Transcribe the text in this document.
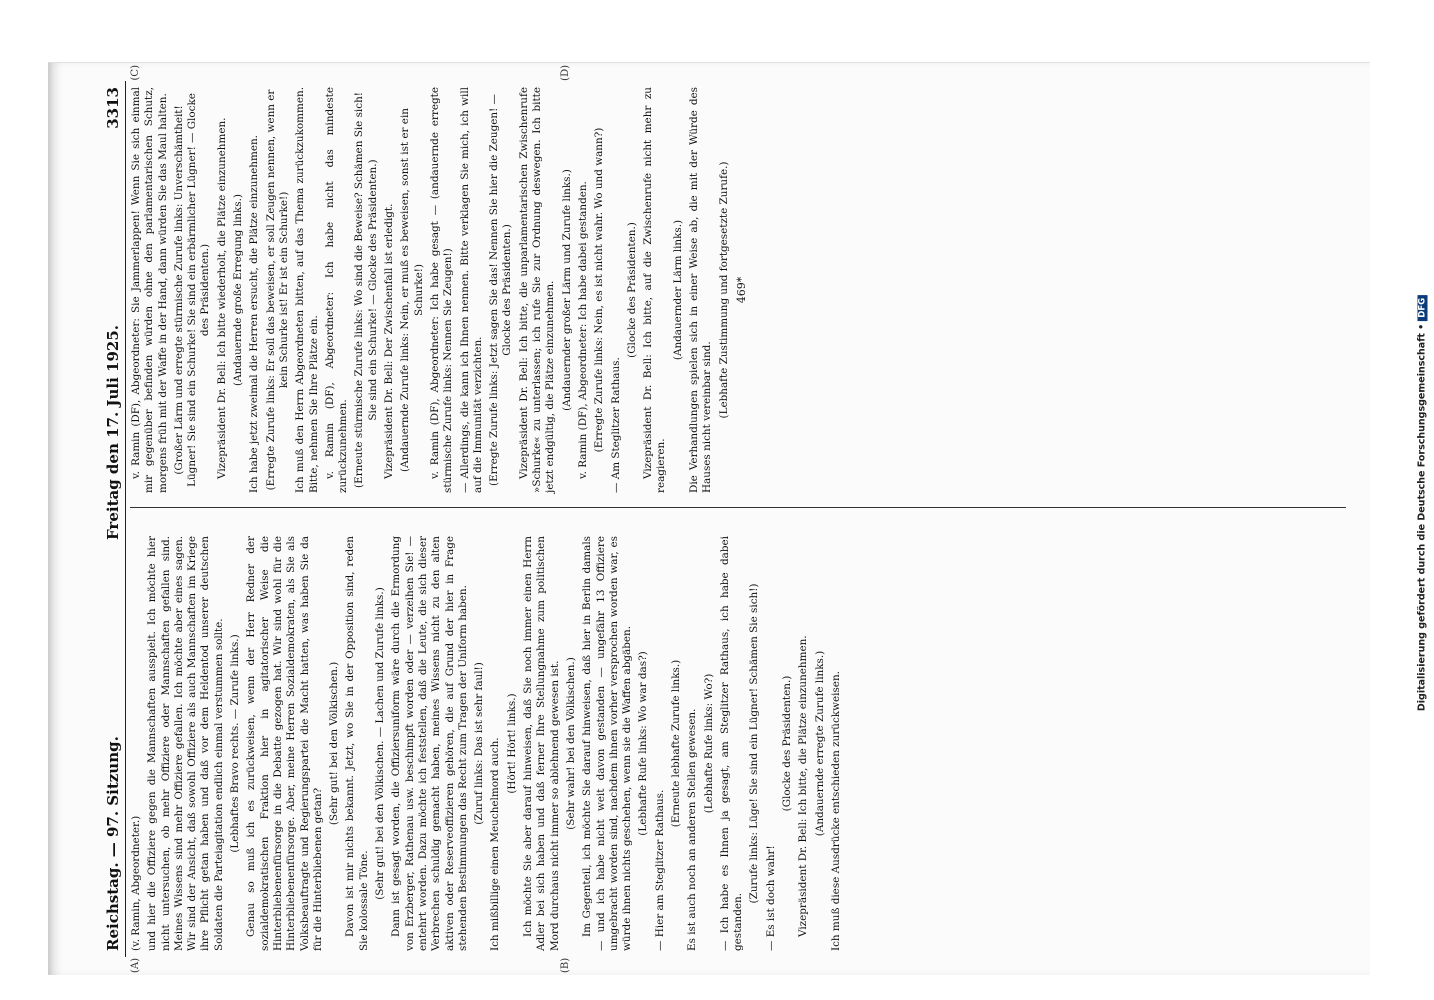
Digitalisierung gefördert durch die Deutsche Forschungsgemeinschaft •DFG
Reichstag. — 97. Sitzung.
Freitag den 17. Juli 1925.
3313
(A)	(B)

(v. Ramin, Abgeordneter.) und hier die Offiziere gegen die Mannschaften ausspielt. Ich möchte hier nicht untersuchen, ob mehr Offiziere oder Mannschaften gefallen sind. Meines Wissens sind mehr Offiziere gefallen. Ich möchte aber eines sagen. Wir sind der Ansicht, daß sowohl Offiziere als auch Mannschaften im Kriege ihre Pflicht getan haben und daß vor dem Heldentod unserer deutschen Soldaten die Parteiagitation endlich einmal verstummen sollte. (Lebhaftes Bravo rechts. — Zurufe links.) Genau so muß ich es zurückweisen, wenn der Herr Redner der sozialdemokratischen Fraktion hier in agitatorischer Weise die Hinterbliebenenfürsorge in die Debatte gezogen hat. Wir sind wohl für die Hinterbliebenenfürsorge. Aber, meine Herren Sozialdemokraten, als Sie als Volksbeauftragte und Regierungspartei die Macht hatten, was haben Sie da für die Hinterbliebenen getan?

(Sehr gut! bei den Völkischen.) Davon ist mir nichts bekannt. Jetzt, wo Sie in der Opposition sind, reden Sie kolossale Töne.

(Sehr gut! bei den Völkischen. — Lachen und Zurufe links.) Dann ist gesagt worden, die Offiziersuniform wäre durch die Ermordung von Erzberger, Rathenau usw. beschimpft worden oder — verzeihen Sie! — entehrt worden. Dazu möchte ich feststellen, daß die Leute, die sich dieser Verbrechen schuldig gemacht haben, meines Wissens nicht zu den alten aktiven oder Reserveoffizieren gehören, die auf Grund der hier in Frage stehenden Bestimmungen das Recht zum Tragen der Uniform haben. (Zuruf links: Das ist sehr faul!) Ich mißbillige einen Meuchelmord auch. (Hört! Hört! links.) Ich möchte Sie aber darauf hinweisen, daß Sie noch immer einen Herrn Adler bei sich haben und daß ferner Ihre Stellungnahme zum politischen Mord durchaus nicht immer so ablehnend gewesen ist. (Sehr wahr! bei den Völkischen.) Im Gegenteil, ich möchte Sie darauf hinweisen, daß hier in Berlin damals — und ich habe nicht weit davon gestanden — ungefähr 13 Offiziere umgebracht worden sind, nachdem ihnen vorher versprochen worden war, es würde ihnen nichts geschehen, wenn sie die Waffen abgäben. (Lebhafte Rufe links: Wo war das?)

— Hier am Steglitzer Rathaus.

(Erneute lebhafte Zurufe links.) Es ist auch noch an anderen Stellen gewesen. (Lebhafte Rufe links: Wo?) — Ich habe es Ihnen ja gesagt, am Steglitzer Rathaus, ich habe dabei gestanden.

(Zurufe links: Lüge! Sie sind ein Lügner! Schämen Sie sich!) — Es ist doch wahr!

(Glocke des Präsidenten.) Vizepräsident Dr. Bell: Ich bitte, die Plätze einzunehmen. (Andauernde erregte Zurufe links.) Ich muß diese Ausdrücke entschieden zurückweisen.

(C)	(D)

v. Ramin (DF), Abgeordneter: Sie Jammerlappen! Wenn Sie sich einmal mir gegenüber befinden würden ohne den parlamentarischen Schutz, morgens früh mit der Waffe in der Hand, dann würden Sie das Maul halten. (Großer Lärm und erregte stürmische Zurufe links: Unverschämtheit! Lügner! Sie sind ein Schurke! Sie sind ein erbärmlicher Lügner! — Glocke des Präsidenten.) Vizepräsident Dr. Bell: Ich bitte wiederholt, die Plätze einzunehmen. (Andauernde große Erregung links.) Ich habe jetzt zweimal die Herren ersucht, die Plätze einzunehmen. (Erregte Zurufe links: Er soll das beweisen, er soll Zeugen nennen, wenn er kein Schurke ist! Er ist ein Schurke!) Ich muß den Herrn Abgeordneten bitten, auf das Thema zurückzukommen. Bitte, nehmen Sie Ihre Plätze ein. v. Ramin (DF), Abgeordneter: Ich habe nicht das mindeste zurückzunehmen. (Erneute stürmische Zurufe links: Wo sind die Beweise? Schämen Sie sich! Sie sind ein Schurke! — Glocke des Präsidenten.) Vizepräsident Dr. Bell: Der Zwischenfall ist erledigt. (Andauernde Zurufe links: Nein, er muß es beweisen, sonst ist er ein Schurke!) v. Ramin (DF), Abgeordneter: Ich habe gesagt — (andauernde erregte stürmische Zurufe links: Nennen Sie Zeugen!) — Allerdings, die kann ich Ihnen nennen. Bitte verklagen Sie mich, ich will auf die Immunität verzichten. (Erregte Zurufe links: Jetzt sagen Sie das! Nennen Sie hier die Zeugen! — Glocke des Präsidenten.) Vizepräsident Dr. Bell: Ich bitte, die unparlamentarischen Zwischenrufe »Schurke« zu unterlassen; ich rufe Sie zur Ordnung deswegen. Ich bitte jetzt endgültig, die Plätze einzunehmen. (Andauernder großer Lärm und Zurufe links.) v. Ramin (DF), Abgeordneter: Ich habe dabei gestanden. (Erregte Zurufe links: Nein, es ist nicht wahr. Wo und wann?) — Am Steglitzer Rathaus.

(Glocke des Präsidenten.) Vizepräsident Dr. Bell: Ich bitte, auf die Zwischenrufe nicht mehr zu reagieren.

(Andauernder Lärm links.) Die Verhandlungen spielen sich in einer Weise ab, die mit der Würde des Hauses nicht vereinbar sind. (Lebhafte Zustimmung und fortgesetzte Zurufe.) 469*
